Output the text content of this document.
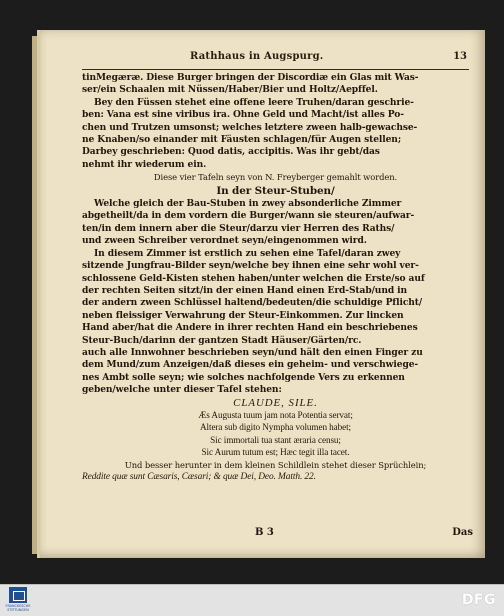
Rathhaus in Augspurg.	13
tinMegæræ. Diese Burger bringen der Discordiæ ein Glas mit Was-
ser/ein Schaalen mit Nüssen/Haber/Bier und Holtz/Aepffel.
Bey den Füssen stehet eine offene leere Truhen/daran geschrie-
ben: Vana est sine viribus ira. Ohne Geld und Macht/ist alles Po-
chen und Trutzen umsonst; welches letztere zween halb-gewachse-
ne Knaben/so einander mit Fäusten schlagen/für Augen stellen;
Darbey geschrieben: Quod datis, accipitis. Was ihr gebt/das
nehmt ihr wiederum ein.
Diese vier Tafeln seyn von N. Freyberger gemahlt worden.
In der Steur-Stuben/
Welche gleich der Bau-Stuben in zwey absonderliche Zimmer
abgetheilt/da in dem vordern die Burger/wann sie steuren/aufwar-
ten/in dem innern aber die Steur/darzu vier Herren des Raths/
und zween Schreiber verordnet seyn/eingenommen wird.
In diesem Zimmer ist erstlich zu sehen eine Tafel/daran zwey
sitzende Jungfrau-Bilder seyn/welche bey ihnen eine sehr wohl ver-
schlossene Geld-Kisten stehen haben/unter welchen die Erste/so auf
der rechten Seiten sitzt/in der einen Hand einen Erd-Stab/und in
der andern zween Schlüssel haltend/bedeuten/die schuldige Pflicht/
neben fleissiger Verwahrung der Steur-Einkommen. Zur lincken
Hand aber/hat die Andere in ihrer rechten Hand ein beschriebenes
Steur-Buch/darinn der gantzen Stadt Häuser/Gärten/rc.
auch alle Innwohner beschrieben seyn/und hält den einen Finger zu
dem Mund/zum Anzeigen/daß dieses ein geheim- und verschwiege-
nes Ambt solle seyn; wie solches nachfolgende Vers zu erkennen
geben/welche unter dieser Tafel stehen:
CLAUDE, SILE.
Æs Augusta tuum jam nota Potentia servat;
Altera sub digito Nympha volumen habet;
Sic immortali tua stant æraria censu;
Sic Aurum tutum est; Hæc tegit illa tacet.
Und besser herunter in dem kleinen Schildlein stehet dieser Sprüchlein;
Reddite quæ sunt Cæsaris, Cæsari; & quæ Dei, Deo. Matth. 22.
B 3	Das
FRANCKESCHE STIFTUNGEN
DFG
